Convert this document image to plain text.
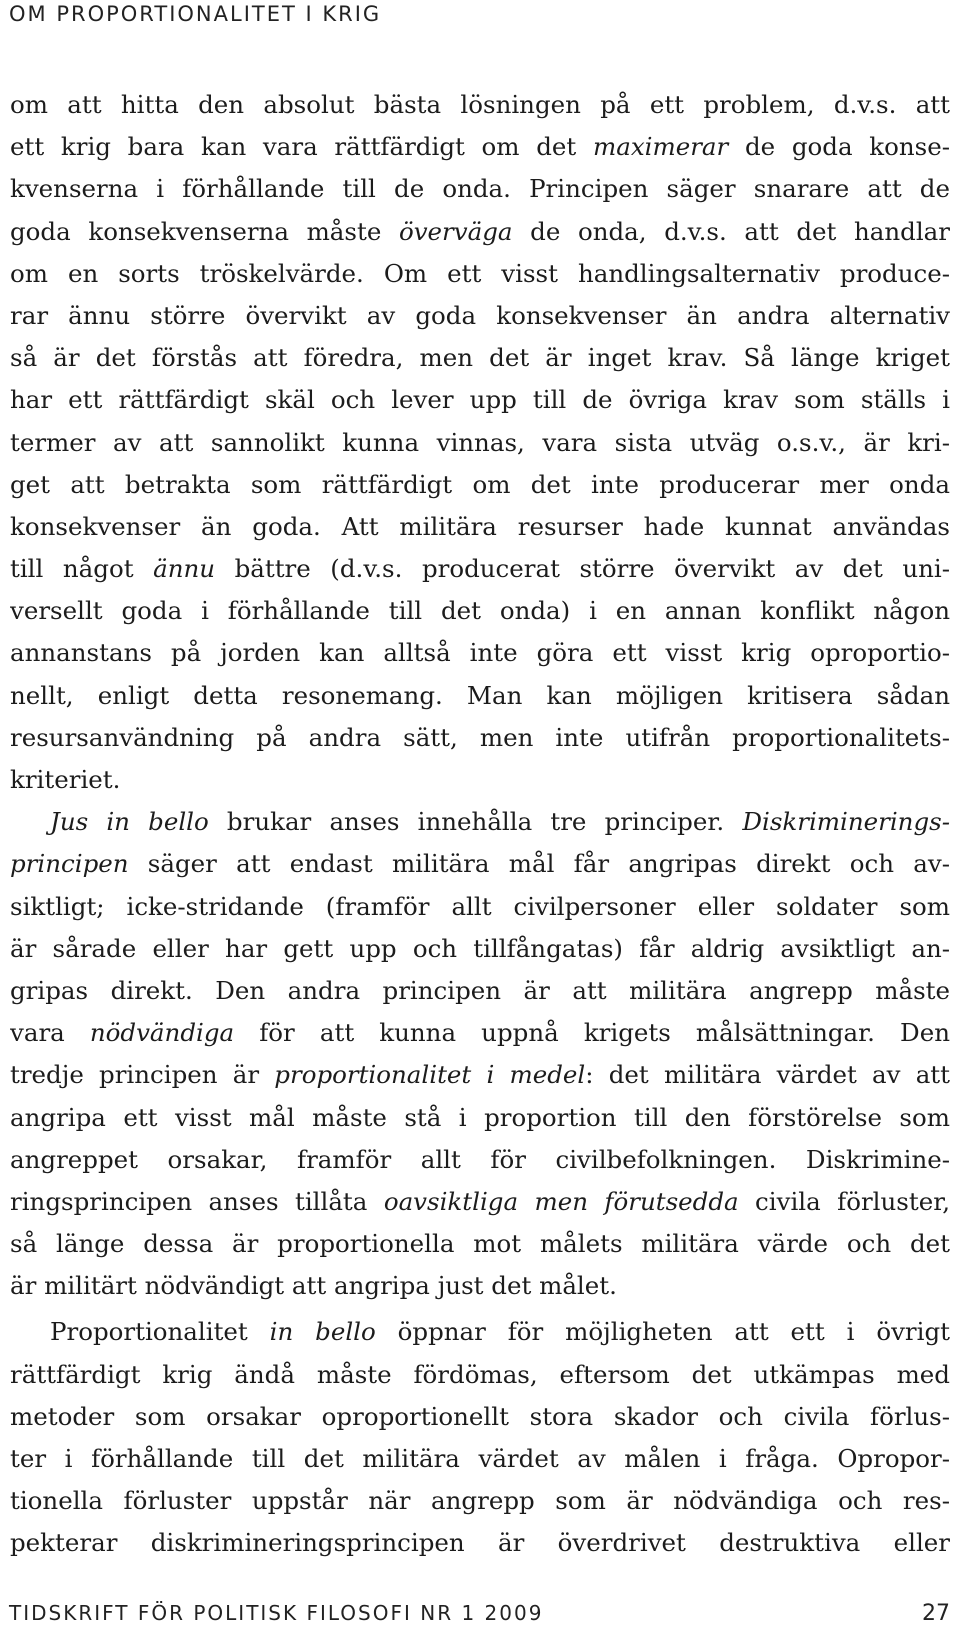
OM PROPORTIONALITET I KRIG
om att hitta den absolut bästa lösningen på ett problem, d.v.s. att
ett krig bara kan vara rättfärdigt om det maximerar de goda konse-
kvenserna i förhållande till de onda. Principen säger snarare att de
goda konsekvenserna måste överväga de onda, d.v.s. att det handlar
om en sorts tröskelvärde. Om ett visst handlingsalternativ produce-
rar ännu större övervikt av goda konsekvenser än andra alternativ
så är det förstås att föredra, men det är inget krav. Så länge kriget
har ett rättfärdigt skäl och lever upp till de övriga krav som ställs i
termer av att sannolikt kunna vinnas, vara sista utväg o.s.v., är kri-
get att betrakta som rättfärdigt om det inte producerar mer onda
konsekvenser än goda. Att militära resurser hade kunnat användas
till något ännu bättre (d.v.s. producerat större övervikt av det uni-
versellt goda i förhållande till det onda) i en annan konflikt någon
annanstans på jorden kan alltså inte göra ett visst krig oproportio-
nellt, enligt detta resonemang. Man kan möjligen kritisera sådan
resursanvändning på andra sätt, men inte utifrån proportionalitets-
kriteriet.
Jus in bello brukar anses innehålla tre principer. Diskriminerings-
principen säger att endast militära mål får angripas direkt och av-
siktligt; icke-stridande (framför allt civilpersoner eller soldater som
är sårade eller har gett upp och tillfångatas) får aldrig avsiktligt an-
gripas direkt. Den andra principen är att militära angrepp måste
vara nödvändiga för att kunna uppnå krigets målsättningar. Den
tredje principen är proportionalitet i medel: det militära värdet av att
angripa ett visst mål måste stå i proportion till den förstörelse som
angreppet orsakar, framför allt för civilbefolkningen. Diskrimine-
ringsprincipen anses tillåta oavsiktliga men förutsedda civila förluster,
så länge dessa är proportionella mot målets militära värde och det
är militärt nödvändigt att angripa just det målet.
Proportionalitet in bello öppnar för möjligheten att ett i övrigt
rättfärdigt krig ändå måste fördömas, eftersom det utkämpas med
metoder som orsakar oproportionellt stora skador och civila förlus-
ter i förhållande till det militära värdet av målen i fråga. Opropor-
tionella förluster uppstår när angrepp som är nödvändiga och res-
pekterar diskrimineringsprincipen är överdrivet destruktiva eller
TIDSKRIFT FÖR POLITISK FILOSOFI NR 1 2009	27
